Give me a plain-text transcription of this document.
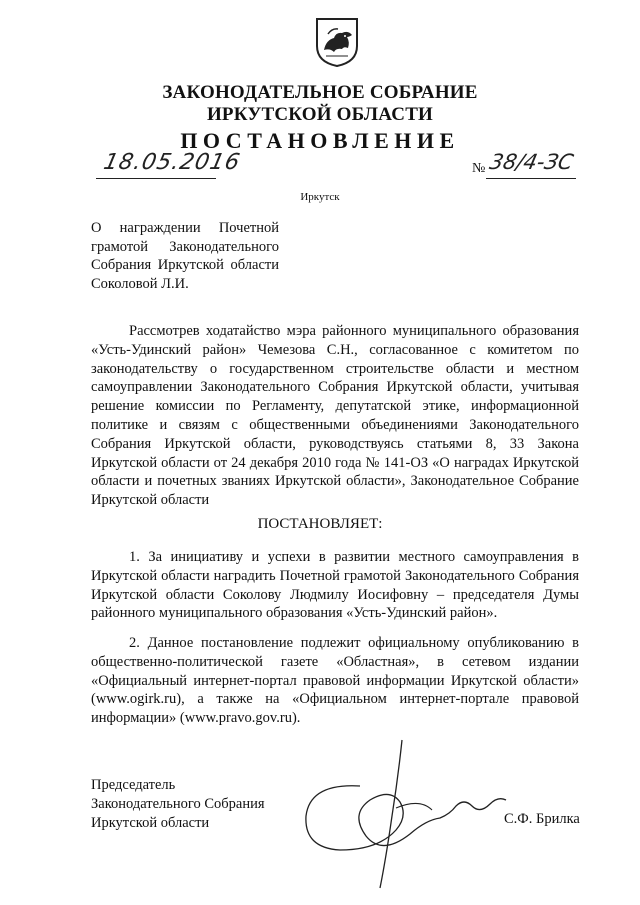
ЗАКОНОДАТЕЛЬНОЕ СОБРАНИЕ
ИРКУТСКОЙ ОБЛАСТИ
ПОСТАНОВЛЕНИЕ
18.05.2016	№ 38/4-ЗС
Иркутск
О награждении Почетной
грамотой Законодательного
Собрания Иркутской области
Соколовой Л.И.
Рассмотрев ходатайство мэра районного муниципального образования «Усть-Удинский район» Чемезова С.Н., согласованное с комитетом по законодательству о государственном строительстве области и местном самоуправлении Законодательного Собрания Иркутской области, учитывая решение комиссии по Регламенту, депутатской этике, информационной политике и связям с общественными объединениями Законодательного Собрания Иркутской области, руководствуясь статьями 8, 33 Закона Иркутской области от 24 декабря 2010 года № 141-ОЗ «О наградах Иркутской области и почетных званиях Иркутской области», Законодательное Собрание Иркутской области
ПОСТАНОВЛЯЕТ:
1. За инициативу и успехи в развитии местного самоуправления в Иркутской области наградить Почетной грамотой Законодательного Собрания Иркутской области Соколову Людмилу Иосифовну – председателя Думы районного муниципального образования «Усть-Удинский район».
2. Данное постановление подлежит официальному опубликованию в общественно-политической газете «Областная», в сетевом издании «Официальный интернет-портал правовой информации Иркутской области» (www.ogirk.ru), а также на «Официальном интернет-портале правовой информации» (www.pravo.gov.ru).
Председатель
Законодательного Собрания
Иркутской области	С.Ф. Брилка
